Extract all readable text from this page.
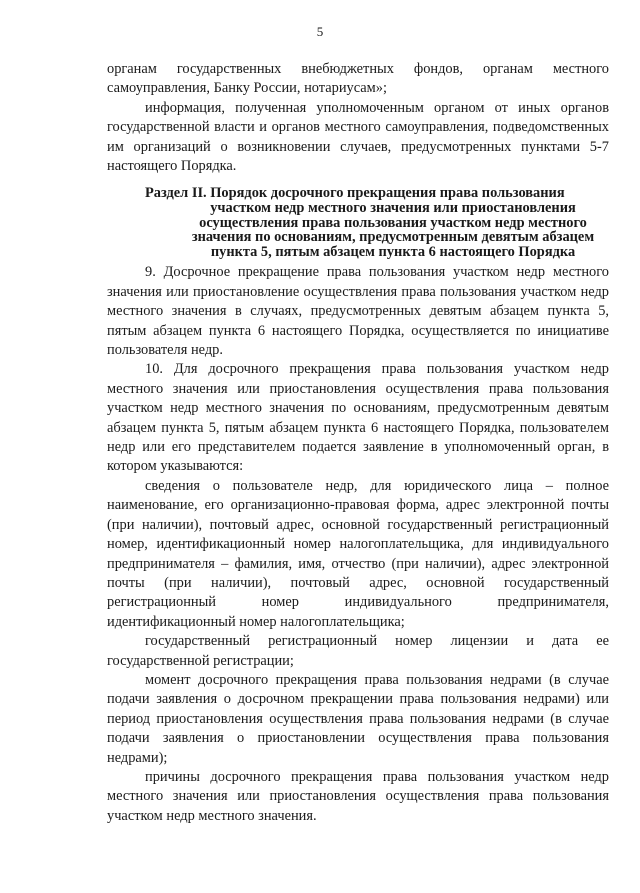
5

органам государственных внебюджетных фондов, органам местного самоуправления, Банку России, нотариусам»;

информация, полученная уполномоченным органом от иных органов государственной власти и органов местного самоуправления, подведомственных им организаций о возникновении случаев, предусмотренных пунктами 5-7 настоящего Порядка.

Раздел II. Порядок досрочного прекращения права пользования
участком недр местного значения или приостановления осуществления права пользования участком недр местного значения по основаниям, предусмотренным девятым абзацем пункта 5, пятым абзацем пункта 6 настоящего Порядка

9. Досрочное прекращение права пользования участком недр местного значения или приостановление осуществления права пользования участком недр местного значения в случаях, предусмотренных девятым абзацем пункта 5, пятым абзацем пункта 6 настоящего Порядка, осуществляется по инициативе пользователя недр.

10. Для досрочного прекращения права пользования участком недр местного значения или приостановления осуществления права пользования участком недр местного значения по основаниям, предусмотренным девятым абзацем пункта 5, пятым абзацем пункта 6 настоящего Порядка, пользователем недр или его представителем подается заявление в уполномоченный орган, в котором указываются:

сведения о пользователе недр, для юридического лица – полное наименование, его организационно-правовая форма, адрес электронной почты (при наличии), почтовый адрес, основной государственный регистрационный номер, идентификационный номер налогоплательщика, для индивидуального предпринимателя – фамилия, имя, отчество (при наличии), адрес электронной почты (при наличии), почтовый адрес, основной государственный регистрационный номер индивидуального предпринимателя, идентификационный номер налогоплательщика;

государственный регистрационный номер лицензии и дата ее государственной регистрации;

момент досрочного прекращения права пользования недрами (в случае подачи заявления о досрочном прекращении права пользования недрами) или период приостановления осуществления права пользования недрами (в случае подачи заявления о приостановлении осуществления права пользования недрами);

причины досрочного прекращения права пользования участком недр местного значения или приостановления осуществления права пользования участком недр местного значения.
